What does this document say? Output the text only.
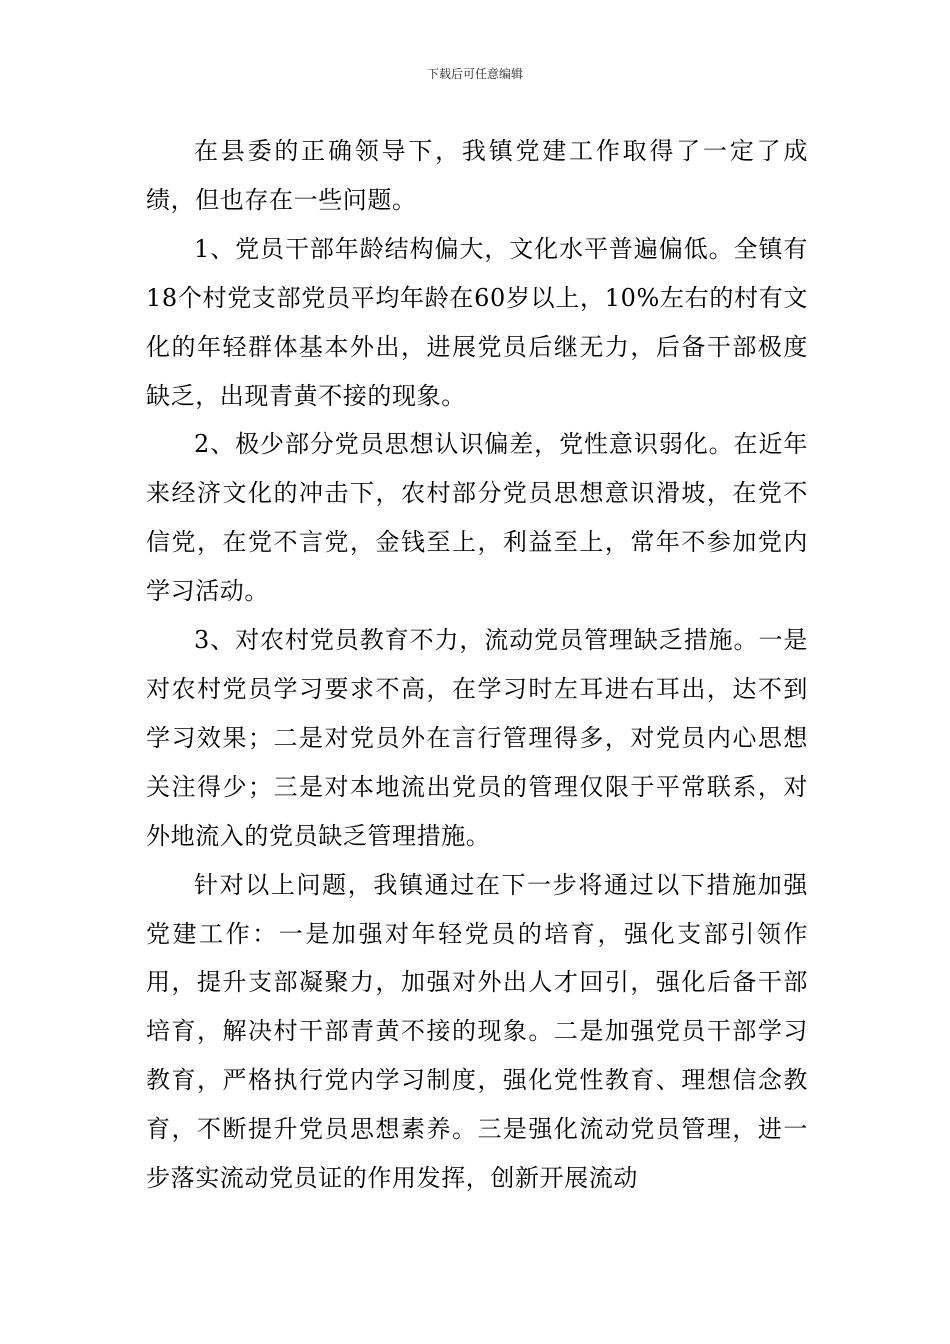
下载后可任意编辑

在县委的正确领导下，我镇党建工作取得了一定了成绩，但也存在一些问题。

1、党员干部年龄结构偏大，文化水平普遍偏低。全镇有18个村党支部党员平均年龄在60岁以上，10%左右的村有文化的年轻群体基本外出，进展党员后继无力，后备干部极度缺乏，出现青黄不接的现象。

2、极少部分党员思想认识偏差，党性意识弱化。在近年来经济文化的冲击下，农村部分党员思想意识滑坡，在党不信党，在党不言党，金钱至上，利益至上，常年不参加党内学习活动。

3、对农村党员教育不力，流动党员管理缺乏措施。一是对农村党员学习要求不高，在学习时左耳进右耳出，达不到学习效果；二是对党员外在言行管理得多，对党员内心思想关注得少；三是对本地流出党员的管理仅限于平常联系，对外地流入的党员缺乏管理措施。

针对以上问题，我镇通过在下一步将通过以下措施加强党建工作：一是加强对年轻党员的培育，强化支部引领作用，提升支部凝聚力，加强对外出人才回引，强化后备干部培育，解决村干部青黄不接的现象。二是加强党员干部学习教育，严格执行党内学习制度，强化党性教育、理想信念教育，不断提升党员思想素养。三是强化流动党员管理，进一步落实流动党员证的作用发挥，创新开展流动
